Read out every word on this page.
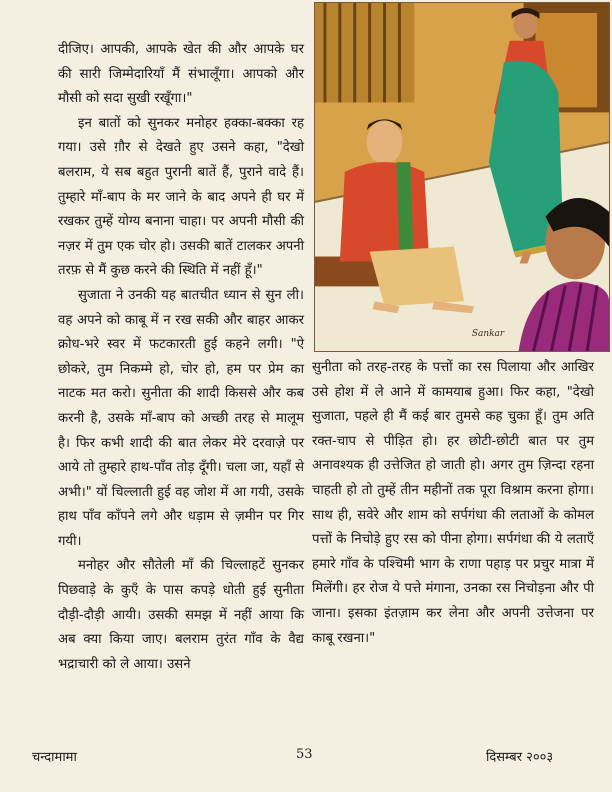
दीजिए। आपकी, आपके खेत की और आपके घर की सारी जिम्मेदारियाँ मैं संभालूँगा। आपको और मौसी को सदा सुखी रखूँगा।"

इन बातों को सुनकर मनोहर हक्का-बक्का रह गया। उसे ग़ौर से देखते हुए उसने कहा, "देखो बलराम, ये सब बहुत पुरानी बातें हैं, पुराने वादे हैं। तुम्हारे माँ-बाप के मर जाने के बाद अपने ही घर में रखकर तुम्हें योग्य बनाना चाहा। पर अपनी मौसी की नज़र में तुम एक चोर हो। उसकी बातें टालकर अपनी तरफ़ से मैं कुछ करने की स्थिति में नहीं हूँ।"

सुजाता ने उनकी यह बातचीत ध्यान से सुन ली। वह अपने को काबू में न रख सकी और बाहर आकर क्रोध-भरे स्वर में फटकारती हुई कहने लगी। "ऐ छोकरे, तुम निकम्मे हो, चोर हो, हम पर प्रेम का नाटक मत करो। सुनीता की शादी किससे और कब करनी है, उसके माँ-बाप को अच्छी तरह से मालूम है। फिर कभी शादी की बात लेकर मेरे दरवाज़े पर आये तो तुम्हारे हाथ-पाँव तोड़ दूँगी। चला जा, यहाँ से अभी।" यों चिल्लाती हुई वह जोश में आ गयी, उसके हाथ पाँव काँपने लगे और धड़ाम से ज़मीन पर गिर गयी।

मनोहर और सौतेली माँ की चिल्लाहटें सुनकर पिछवाड़े के कुएँ के पास कपड़े धोती हुई सुनीता दौड़ी-दौड़ी आयी। उसकी समझ में नहीं आया कि अब क्या किया जाए। बलराम तुरंत गाँव के वैद्य भद्राचारी को ले आया। उसने

Sankar

सुनीता को तरह-तरह के पत्तों का रस पिलाया और आखिर उसे होश में ले आने में कामयाब हुआ। फिर कहा, "देखो सुजाता, पहले ही मैं कई बार तुमसे कह चुका हूँ। तुम अति रक्त-चाप से पीड़ित हो। हर छोटी-छोटी बात पर तुम अनावश्यक ही उत्तेजित हो जाती हो। अगर तुम ज़िन्दा रहना चाहती हो तो तुम्हें तीन महीनों तक पूरा विश्राम करना होगा। साथ ही, सवेरे और शाम को सर्पगंधा की लताओं के कोमल पत्तों के निचोड़े हुए रस को पीना होगा। सर्पगंधा की ये लताएँ हमारे गाँव के पश्चिमी भाग के राणा पहाड़ पर प्रचुर मात्रा में मिलेंगी। हर रोज ये पत्ते मंगाना, उनका रस निचोड़ना और पी जाना। इसका इंतज़ाम कर लेना और अपनी उत्तेजना पर काबू रखना।"

चन्दामामा	53	दिसम्बर २००३
